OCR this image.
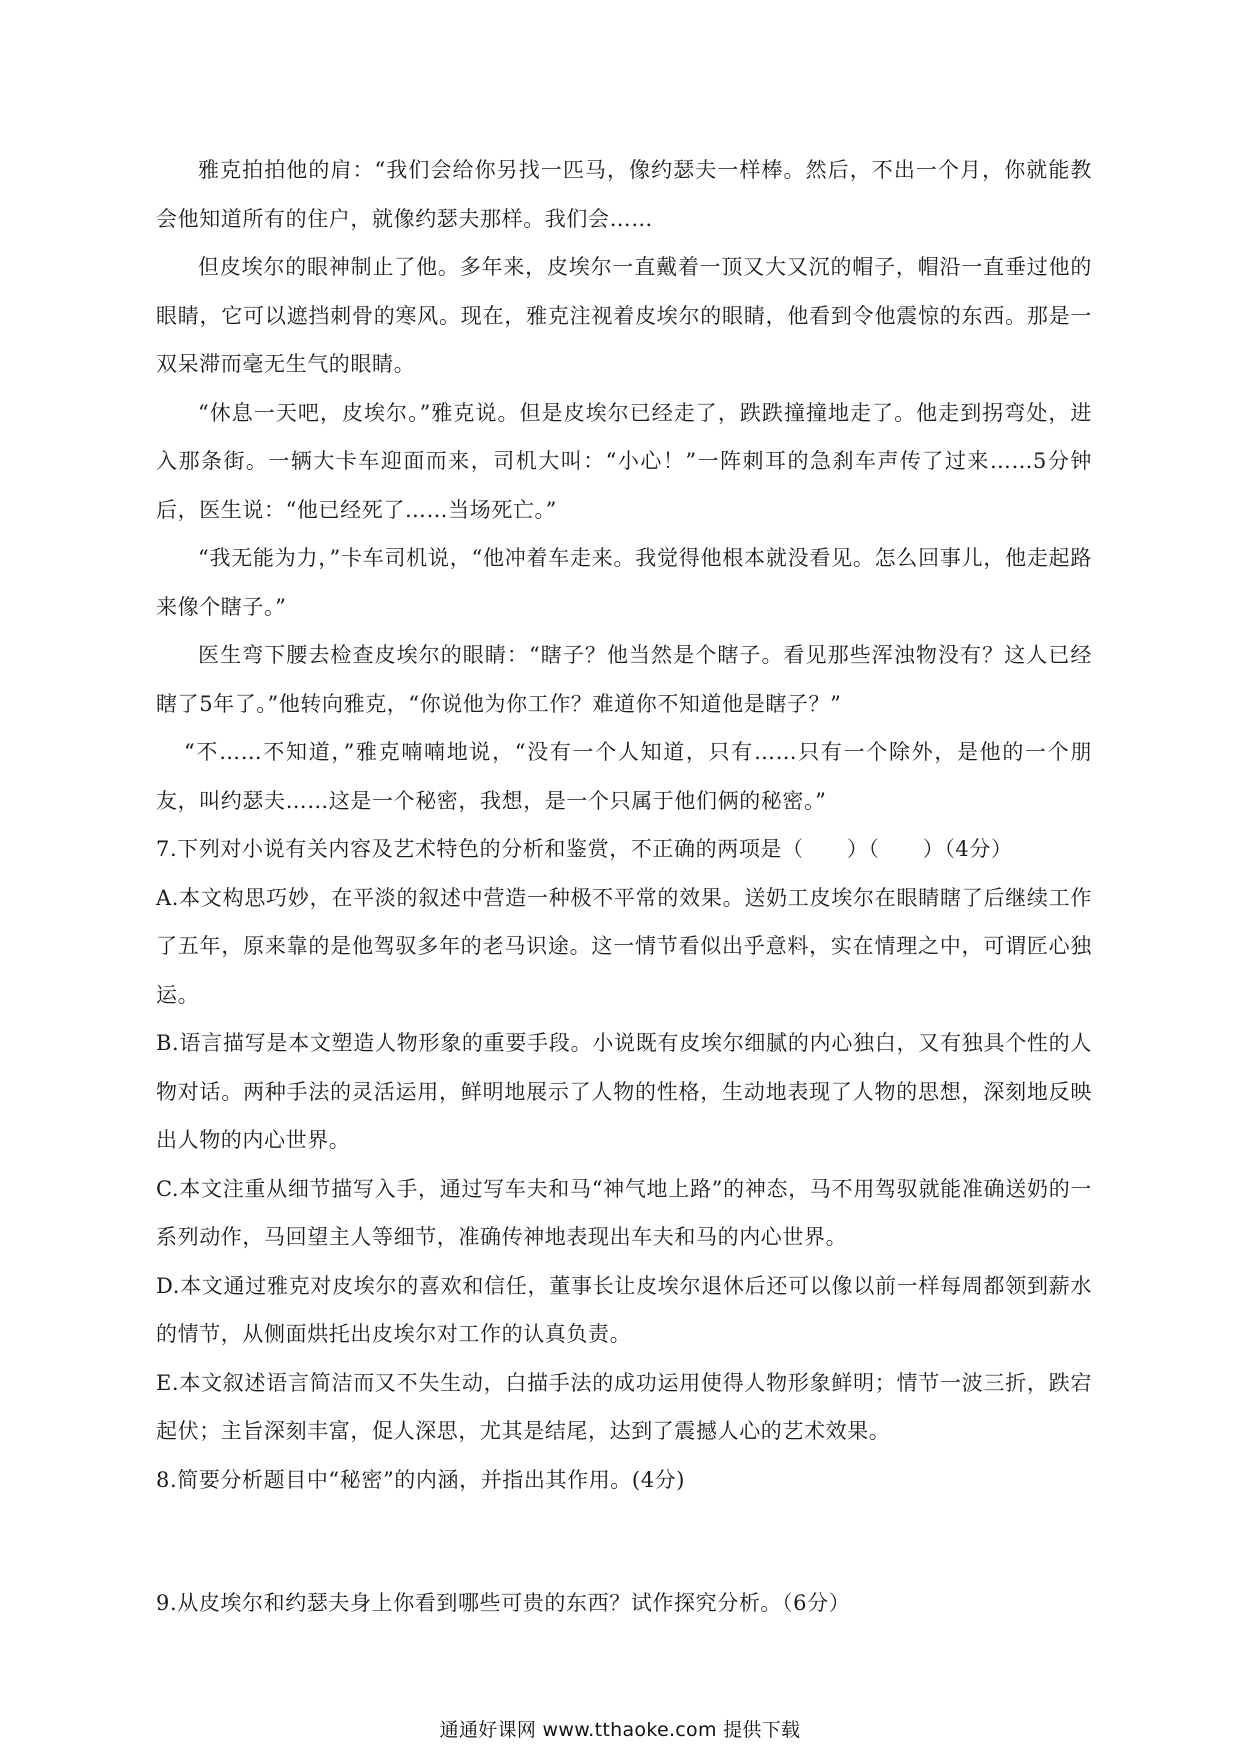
雅克拍拍他的肩：“我们会给你另找一匹马，像约瑟夫一样棒。然后，不出一个月，你就能教会他知道所有的住户，就像约瑟夫那样。我们会……

但皮埃尔的眼神制止了他。多年来，皮埃尔一直戴着一顶又大又沉的帽子，帽沿一直垂过他的眼睛，它可以遮挡刺骨的寒风。现在，雅克注视着皮埃尔的眼睛，他看到令他震惊的东西。那是一双呆滞而毫无生气的眼睛。

“休息一天吧，皮埃尔。”雅克说。但是皮埃尔已经走了，跌跌撞撞地走了。他走到拐弯处，进入那条街。一辆大卡车迎面而来，司机大叫：“小心！”一阵刺耳的急刹车声传了过来……5分钟后，医生说：“他已经死了……当场死亡。”

“我无能为力，”卡车司机说，“他冲着车走来。我觉得他根本就没看见。怎么回事儿，他走起路来像个瞎子。”

医生弯下腰去检查皮埃尔的眼睛：“瞎子？他当然是个瞎子。看见那些浑浊物没有？这人已经瞎了5年了。”他转向雅克，“你说他为你工作？难道你不知道他是瞎子？”

“不……不知道，”雅克喃喃地说，“没有一个人知道，只有……只有一个除外，是他的一个朋友，叫约瑟夫……这是一个秘密，我想，是一个只属于他们俩的秘密。”

7.下列对小说有关内容及艺术特色的分析和鉴赏，不正确的两项是（　　）（　　）（4分）

A.本文构思巧妙，在平淡的叙述中营造一种极不平常的效果。送奶工皮埃尔在眼睛瞎了后继续工作了五年，原来靠的是他驾驭多年的老马识途。这一情节看似出乎意料，实在情理之中，可谓匠心独运。

B.语言描写是本文塑造人物形象的重要手段。小说既有皮埃尔细腻的内心独白，又有独具个性的人物对话。两种手法的灵活运用，鲜明地展示了人物的性格，生动地表现了人物的思想，深刻地反映出人物的内心世界。

C.本文注重从细节描写入手，通过写车夫和马“神气地上路”的神态，马不用驾驭就能准确送奶的一系列动作，马回望主人等细节，准确传神地表现出车夫和马的内心世界。

D.本文通过雅克对皮埃尔的喜欢和信任，董事长让皮埃尔退休后还可以像以前一样每周都领到薪水的情节，从侧面烘托出皮埃尔对工作的认真负责。

E.本文叙述语言简洁而又不失生动，白描手法的成功运用使得人物形象鲜明；情节一波三折，跌宕起伏；主旨深刻丰富，促人深思，尤其是结尾，达到了震撼人心的艺术效果。

8.简要分析题目中“秘密”的内涵，并指出其作用。(4分)

9.从皮埃尔和约瑟夫身上你看到哪些可贵的东西？试作探究分析。（6分）

通通好课网 www.tthaoke.com 提供下载
